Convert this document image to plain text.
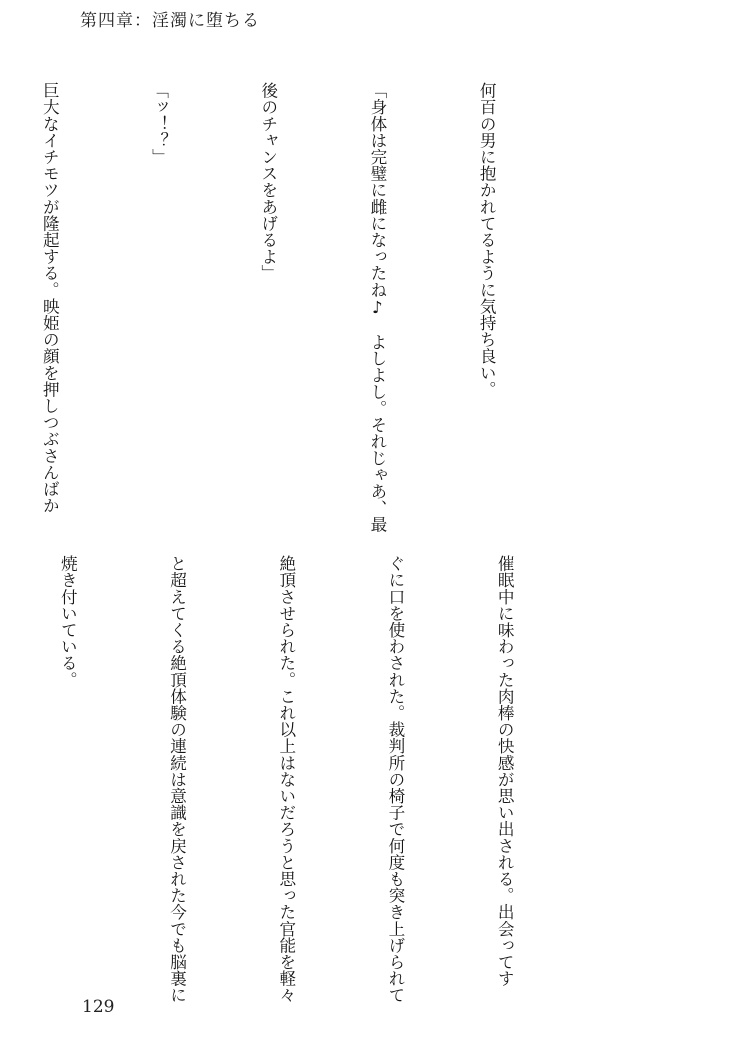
第四章：淫濁に堕ちる

何百の男に抱かれてるように気持ち良い。

「身体は完璧に雌になったね♪　よしよし。それじゃあ、最

後のチャンスをあげるよ」

「ッ！？」

巨大なイチモツが隆起する。映姫の顔を押しつぶさんばか

催眠中に味わった肉棒の快感が思い出される。出会ってす

ぐに口を使わされた。裁判所の椅子で何度も突き上げられて

絶頂させられた。これ以上はないだろうと思った官能を軽々

と超えてくる絶頂体験の連続は意識を戻された今でも脳裏に

焼き付いている。

129
